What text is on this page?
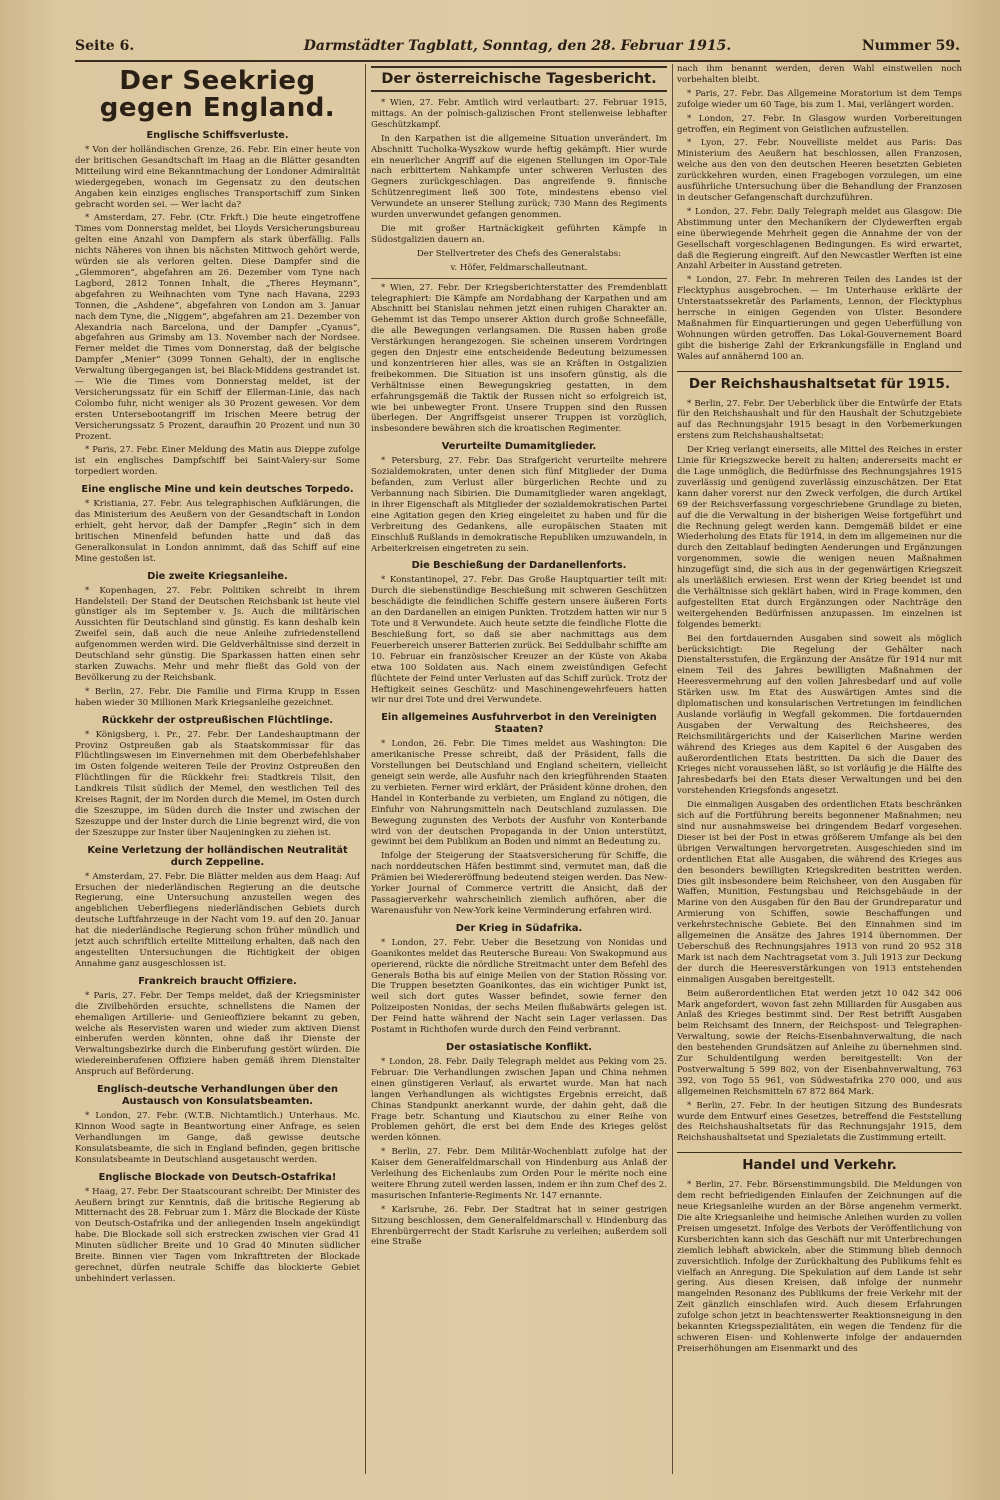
Seite 6.	Darmstädter Tagblatt, Sonntag, den 28. Februar 1915.	Nummer 59.
Der Seekrieg gegen England.
Englische Schiffsverluste.

* Von der holländischen Grenze, 26. Febr. Ein einer heute von der britischen Gesandtschaft im Haag an die Blätter gesandten Mitteilung wird eine Bekanntmachung der Londoner Admiralität wiedergegeben, wonach im Gegensatz zu den deutschen Angaben kein einziges englisches Transportschiff zum Sinken gebracht worden sei. — Wer lacht da?

* Amsterdam, 27. Febr. (Ctr. Frkft.) Die heute eingetroffene Times vom Donnerstag meldet, bei Lloyds Versicherungsbureau gelten eine Anzahl von Dampfern als stark überfällig. Falls nichts Näheres von ihnen bis nächsten Mittwoch gehört werde, würden sie als verloren gelten. Diese Dampfer sind die „Glemmoren“, abgefahren am 26. Dezember vom Tyne nach Lagbord, 2812 Tonnen Inhalt, die „Theres Heymann“, abgefahren zu Weihnachten vom Tyne nach Havana, 2293 Tonnen, die „Ashdene“, abgefahren von London am 3. Januar nach dem Tyne, die „Niggem“, abgefahren am 21. Dezember von Alexandria nach Barcelona, und der Dampfer „Cyanus“, abgefahren aus Grimsby am 13. November nach der Nordsee. Ferner meldet die Times vom Donnerstag, daß der belgische Dampfer „Menier“ (3099 Tonnen Gehalt), der in englische Verwaltung übergegangen ist, bei Black-Middens gestrandet ist. — Wie die Times vom Donnerstag meldet, ist der Versicherungssatz für ein Schiff der Ellerman-Linie, das nach Colombo fuhr, nicht weniger als 30 Prozent gewesen. Vor dem ersten Untersebootangriff im Irischen Meere betrug der Versicherungssatz 5 Prozent, daraufhin 20 Prozent und nun 30 Prozent.

* Paris, 27. Febr. Einer Meldung des Matin aus Dieppe zufolge ist ein englisches Dampfschiff bei Saint-Valery-sur Some torpediert worden.

Eine englische Mine und kein deutsches Torpedo.

* Kristiania, 27. Febr. Aus telegraphischen Aufklärungen, die das Ministerium des Aeußern von der Gesandtschaft in London erhielt, geht hervor, daß der Dampfer „Regin“ sich in dem britischen Minenfeld befunden hatte und daß das Generalkonsulat in London annimmt, daß das Schiff auf eine Mine gestoßen ist.

Die zweite Kriegsanleihe.

* Kopenhagen, 27. Febr. Politiken schreibt in ihrem Handelsteil: Der Stand der Deutschen Reichsbank ist heute viel günstiger als im September v. Js. Auch die militärischen Aussichten für Deutschland sind günstig. Es kann deshalb kein Zweifel sein, daß auch die neue Anleihe zufriedenstellend aufgenommen werden wird. Die Geldverhältnisse sind derzeit in Deutschland sehr günstig. Die Sparkassen hatten einen sehr starken Zuwachs. Mehr und mehr fließt das Gold von der Bevölkerung zu der Reichsbank.

* Berlin, 27. Febr. Die Familie und Firma Krupp in Essen haben wieder 30 Millionen Mark Kriegsanleihe gezeichnet.

Rückkehr der ostpreußischen Flüchtlinge.

* Königsberg, i. Pr., 27. Febr. Der Landeshauptmann der Provinz Ostpreußen gab als Staatskommissar für das Flüchtlingswesen im Einvernehmen mit dem Oberbefehlshaber im Osten folgende weiteren Teile der Provinz Ostpreußen den Flüchtlingen für die Rückkehr frei: Stadtkreis Tilsit, den Landkreis Tilsit südlich der Memel, den westlichen Teil des Kreises Ragnit, der im Norden durch die Memel, im Osten durch die Szeszuppe, im Süden durch die Inster und zwischen der Szeszuppe und der Inster durch die Linie begrenzt wird, die von der Szeszuppe zur Inster über Naujeningken zu ziehen ist.

Keine Verletzung der holländischen Neutralität durch Zeppeline.

* Amsterdam, 27. Febr. Die Blätter melden aus dem Haag: Auf Ersuchen der niederländischen Regierung an die deutsche Regierung, eine Untersuchung anzustellen wegen des angeblichen Ueberfliegens niederländischen Gebiets durch deutsche Luftfahrzeuge in der Nacht vom 19. auf den 20. Januar hat die niederländische Regierung schon früher mündlich und jetzt auch schriftlich erteilte Mitteilung erhalten, daß nach den angestellten Untersuchungen die Richtigkeit der obigen Annahme ganz ausgeschlossen ist.

Frankreich braucht Offiziere.

* Paris, 27. Febr. Der Temps meldet, daß der Kriegsminister die Zivilbehörden ersuchte, schnellstens die Namen der ehemaligen Artillerie- und Genieoffiziere bekannt zu geben, welche als Reservisten waren und wieder zum aktiven Dienst einberufen werden könnten, ohne daß ihr Dienste der Verwaltungsbezirke durch die Einberufung gestört würden. Die wiedereinberufenen Offiziere haben gemäß ihrem Dienstalter Anspruch auf Beförderung.

Englisch-deutsche Verhandlungen über den Austausch von Konsulatsbeamten.

* London, 27. Febr. (W.T.B. Nichtamtlich.) Unterhaus. Mc. Kinnon Wood sagte in Beantwortung einer Anfrage, es seien Verhandlungen im Gange, daß gewisse deutsche Konsulatsbeamte, die sich in England befinden, gegen britische Konsulatsbeamte in Deutschland ausgetauscht werden.

Englische Blockade von Deutsch-Ostafrika!

* Haag, 27. Febr. Der Staatscourant schreibt: Der Minister des Aeußern bringt zur Kenntnis, daß die britische Regierung ab Mitternacht des 28. Februar zum 1. März die Blockade der Küste von Deutsch-Ostafrika und der anliegenden Inseln angekündigt habe. Die Blockade soll sich erstrecken zwischen vier Grad 41 Minuten südlicher Breite und 10 Grad 40 Minuten südlicher Breite. Binnen vier Tagen vom Inkrafttreten der Blockade gerechnet, dürfen neutrale Schiffe das blockierte Gebiet unbehindert verlassen.

Der österreichische Tagesbericht.

* Wien, 27. Febr. Amtlich wird verlautbart: 27. Februar 1915, mittags. An der polnisch-galizischen Front stellenweise lebhafter Geschützkampf.

In den Karpathen ist die allgemeine Situation unverändert. Im Abschnitt Tucholka-Wyszkow wurde heftig gekämpft. Hier wurde ein neuerlicher Angriff auf die eigenen Stellungen im Opor-Tale nach erbittertem Nahkampfe unter schweren Verlusten des Gegners zurückgeschlagen. Das angreifende 9. finnische Schützenregiment ließ 300 Tote, mindestens ebenso viel Verwundete an unserer Stellung zurück; 730 Mann des Regiments wurden unverwundet gefangen genommen.

Die mit großer Hartnäckigkeit geführten Kämpfe in Südostgalizien dauern an.

Der Stellvertreter des Chefs des Generalstabs:

v. Höfer, Feldmarschalleutnant.

* Wien, 27. Febr. Der Kriegsberichterstatter des Fremdenblatt telegraphiert: Die Kämpfe am Nordabhang der Karpathen und am Abschnitt bei Stanislau nehmen jetzt einen ruhigen Charakter an. Gehemmt ist das Tempo unserer Aktion durch große Schneefälle, die alle Bewegungen verlangsamen. Die Russen haben große Verstärkungen herangezogen. Sie scheinen unserem Vordringen gegen den Dnjestr eine entscheidende Bedeutung beizumessen und konzentrieren hier alles, was sie an Kräften in Ostgalizien freibekommen. Die Situation ist uns insofern günstig, als die Verhältnisse einen Bewegungskrieg gestatten, in dem erfahrungsgemäß die Taktik der Russen nicht so erfolgreich ist, wie bei unbewegter Front. Unsere Truppen sind den Russen überlegen. Der Angriffsgeist unserer Truppen ist vorzüglich, insbesondere bewähren sich die kroatischen Regimenter.

Verurteilte Dumamitglieder.

* Petersburg, 27. Febr. Das Strafgericht verurteilte mehrere Sozialdemokraten, unter denen sich fünf Mitglieder der Duma befanden, zum Verlust aller bürgerlichen Rechte und zu Verbannung nach Sibirien. Die Dumamitglieder waren angeklagt, in ihrer Eigenschaft als Mitglieder der sozialdemokratischen Partei eine Agitation gegen den Krieg eingeleitet zu haben und für die Verbreitung des Gedankens, alle europäischen Staaten mit Einschluß Rußlands in demokratische Republiken umzuwandeln, in Arbeiterkreisen eingetreten zu sein.

Die Beschießung der Dardanellenforts.

* Konstantinopel, 27. Febr. Das Große Hauptquartier teilt mit: Durch die siebenstündige Beschießung mit schweren Geschützen beschädigte die feindlichen Schiffe gestern unsere äußeren Forts an den Dardanellen an einigen Punkten. Trotzdem hatten wir nur 5 Tote und 8 Verwundete. Auch heute setzte die feindliche Flotte die Beschießung fort, so daß sie aber nachmittags aus dem Feuerbereich unserer Batterien zurück. Bei Seddulbahr schiffte am 10. Februar ein französischer Kreuzer an der Küste von Akaba etwa 100 Soldaten aus. Nach einem zweistündigen Gefecht flüchtete der Feind unter Verlusten auf das Schiff zurück. Trotz der Heftigkeit seines Geschütz- und Maschinengewehrfeuers hatten wir nur drei Tote und drei Verwundete.

Ein allgemeines Ausfuhrverbot in den Vereinigten Staaten?

* London, 26. Febr. Die Times meldet aus Washington: Die amerikanische Presse schreibt, daß der Präsident, falls die Vorstellungen bei Deutschland und England scheitern, vielleicht geneigt sein werde, alle Ausfuhr nach den kriegführenden Staaten zu verbieten. Ferner wird erklärt, der Präsident könne drohen, den Handel in Konterbande zu verbieten, um England zu nötigen, die Einfuhr von Nahrungsmitteln nach Deutschland zuzulassen. Die Bewegung zugunsten des Verbots der Ausfuhr von Konterbande wird von der deutschen Propaganda in der Union unterstützt, gewinnt bei dem Publikum an Boden und nimmt an Bedeutung zu.

Infolge der Steigerung der Staatsversicherung für Schiffe, die nach norddeutschen Häfen bestimmt sind, vermutet man, daß die Prämien bei Wiedereröffnung bedeutend steigen werden. Das New-Yorker Journal of Commerce vertritt die Ansicht, daß der Passagierverkehr wahrscheinlich ziemlich aufhören, aber die Warenausfuhr von New-York keine Verminderung erfahren wird.

Der Krieg in Südafrika.

* London, 27. Febr. Ueber die Besetzung von Nonidas und Goanikontes meldet das Reutersche Bureau: Von Swakopmund aus operierend, rückte die nördliche Streitmacht unter dem Befehl des Generals Botha bis auf einige Meilen von der Station Rössing vor. Die Truppen besetzten Goanikontes, das ein wichtiger Punkt ist, weil sich dort gutes Wasser befindet, sowie ferner den Polizeiposten Nonidas, der sechs Meilen flußabwärts gelegen ist. Der Feind hatte während der Nacht sein Lager verlassen. Das Postamt in Richthofen wurde durch den Feind verbrannt.

Der ostasiatische Konflikt.

* London, 28. Febr. Daily Telegraph meldet aus Peking vom 25. Februar: Die Verhandlungen zwischen Japan und China nehmen einen günstigeren Verlauf, als erwartet wurde. Man hat nach langen Verhandlungen als wichtigstes Ergebnis erreicht, daß Chinas Standpunkt anerkannt wurde, der dahin geht, daß die Frage betr. Schantung und Kiautschou zu einer Reihe von Problemen gehört, die erst bei dem Ende des Krieges gelöst werden können.

* Berlin, 27. Febr. Dem Militär-Wochenblatt zufolge hat der Kaiser dem Generalfeldmarschall von Hindenburg aus Anlaß der Verleihung des Eichenlaubs zum Orden Pour le mérite noch eine weitere Ehrung zuteil werden lassen, indem er ihn zum Chef des 2. masurischen Infanterie-Regiments Nr. 147 ernannte.

* Karlsruhe, 26. Febr. Der Stadtrat hat in seiner gestrigen Sitzung beschlossen, dem Generalfeldmarschall v. Hindenburg das Ehrenbürgerrecht der Stadt Karlsruhe zu verleihen; außerdem soll eine Straße

nach ihm benannt werden, deren Wahl einstweilen noch vorbehalten bleibt.

* Paris, 27. Febr. Das Allgemeine Moratorium ist dem Temps zufolge wieder um 60 Tage, bis zum 1. Mai, verlängert worden.

* London, 27. Febr. In Glasgow wurden Vorbereitungen getroffen, ein Regiment von Geistlichen aufzustellen.

* Lyon, 27. Febr. Nouvelliste meldet aus Paris: Das Ministerium des Aeußern hat beschlossen, allen Franzosen, welche aus den von den deutschen Heeren besetzten Gebieten zurückkehren wurden, einen Fragebogen vorzulegen, um eine ausführliche Untersuchung über die Behandlung der Franzosen in deutscher Gefangenschaft durchzuführen.

* London, 27. Febr. Daily Telegraph meldet aus Glasgow: Die Abstimmung unter den Mechanikern der Clydewerften ergab eine überwiegende Mehrheit gegen die Annahme der von der Gesellschaft vorgeschlagenen Bedingungen. Es wird erwartet, daß die Regierung eingreift. Auf den Newcastler Werften ist eine Anzahl Arbeiter in Ausstand getreten.

* London, 27. Febr. In mehreren Teilen des Landes ist der Flecktyphus ausgebrochen. — Im Unterhause erklärte der Unterstaatssekretär des Parlaments, Lennon, der Flecktyphus herrsche in einigen Gegenden von Ulster. Besondere Maßnahmen für Einquartierungen und gegen Ueberfüllung von Wohnungen würden getroffen. Das Lokal-Gouvernement Board gibt die bisherige Zahl der Erkrankungsfälle in England und Wales auf annähernd 100 an.

Der Reichshaushaltsetat für 1915.

* Berlin, 27. Febr. Der Ueberblick über die Entwürfe der Etats für den Reichshaushalt und für den Haushalt der Schutzgebiete auf das Rechnungsjahr 1915 besagt in den Vorbemerkungen erstens zum Reichshaushaltsetat:

Der Krieg verlangt einerseits, alle Mittel des Reiches in erster Linie für Kriegszwecke bereit zu halten; andererseits macht er die Lage unmöglich, die Bedürfnisse des Rechnungsjahres 1915 zuverlässig und genügend zuverlässig einzuschätzen. Der Etat kann daher vorerst nur den Zweck verfolgen, die durch Artikel 69 der Reichsverfassung vorgeschriebene Grundlage zu bieten, auf die die Verwaltung in der bisherigen Weise fortgeführt und die Rechnung gelegt werden kann. Demgemäß bildet er eine Wiederholung des Etats für 1914, in dem im allgemeinen nur die durch den Zeitablauf bedingten Aenderungen und Ergänzungen vorgenommen, sowie die wenigen neuen Maßnahmen hinzugefügt sind, die sich aus in der gegenwärtigen Kriegszeit als unerläßlich erwiesen. Erst wenn der Krieg beendet ist und die Verhältnisse sich geklärt haben, wird in Frage kommen, den aufgestellten Etat durch Ergänzungen oder Nachträge den weitergehenden Bedürfnissen anzupassen. Im einzelnen ist folgendes bemerkt:

Bei den fortdauernden Ausgaben sind soweit als möglich berücksichtigt: Die Regelung der Gehälter nach Dienstaltersstufen, die Ergänzung der Ansätze für 1914 nur mit einem Teil des Jahres bewilligten Maßnahmen der Heeresvermehrung auf den vollen Jahresbedarf und auf volle Stärken usw. Im Etat des Auswärtigen Amtes sind die diplomatischen und konsularischen Vertretungen im feindlichen Auslande vorläufig in Wegfall gekommen. Die fortdauernden Ausgaben der Verwaltung des Reichsheeres, des Reichsmilitärgerichts und der Kaiserlichen Marine werden während des Krieges aus dem Kapitel 6 der Ausgaben des außerordentlichen Etats bestritten. Da sich die Dauer des Krieges nicht voraussehen läßt, so ist vorläufig je die Hälfte des Jahresbedarfs bei den Etats dieser Verwaltungen und bei den vorstehenden Kriegsfonds angesetzt.

Die einmaligen Ausgaben des ordentlichen Etats beschränken sich auf die Fortführung bereits begonnener Maßnahmen; neu sind nur ausnahmsweise bei dringendem Bedarf vorgesehen. Dieser ist bei der Post in etwas größerem Umfange als bei den übrigen Verwaltungen hervorgetreten. Ausgeschieden sind im ordentlichen Etat alle Ausgaben, die während des Krieges aus den besonders bewilligten Kriegskrediten bestritten werden. Dies gilt insbesondere beim Reichsheer, von den Ausgaben für Waffen, Munition, Festungsbau und Reichsgebäude in der Marine von den Ausgaben für den Bau der Grundreparatur und Armierung von Schiffen, sowie Beschaffungen und verkehrstechnische Gebiete. Bei den Einnahmen sind im allgemeinen die Ansätze des Jahres 1914 übernommen. Der Ueberschuß des Rechnungsjahres 1913 von rund 20 952 318 Mark ist nach dem Nachtragsetat vom 3. Juli 1913 zur Deckung der durch die Heeresverstärkungen von 1913 entstehenden einmaligen Ausgaben bereitgestellt.

Beim außerordentlichen Etat werden jetzt 10 042 342 006 Mark angefordert, wovon fast zehn Milliarden für Ausgaben aus Anlaß des Krieges bestimmt sind. Der Rest betrifft Ausgaben beim Reichsamt des Innern, der Reichspost- und Telegraphen-Verwaltung, sowie der Reichs-Eisenbahnverwaltung, die nach den bestehenden Grundsätzen auf Anleihe zu übernehmen sind. Zur Schuldentilgung werden bereitgestellt: Von der Postverwaltung 5 599 802, von der Eisenbahnverwaltung, 763 392, von Togo 55 961, von Südwestafrika 270 000, und aus allgemeinen Reichsmitteln 67 872 864 Mark.

* Berlin, 27. Febr. In der heutigen Sitzung des Bundesrats wurde dem Entwurf eines Gesetzes, betreffend die Feststellung des Reichshaushaltsetats für das Rechnungsjahr 1915, dem Reichshaushaltsetat und Spezialetats die Zustimmung erteilt.

Handel und Verkehr.

* Berlin, 27. Febr. Börsenstimmungsbild. Die Meldungen von dem recht befriedigenden Einlaufen der Zeichnungen auf die neue Kriegsanleihe wurden an der Börse angenehm vermerkt. Die alte Kriegsanleihe und heimische Anleihen wurden zu vollen Preisen umgesetzt. Infolge des Verbots der Veröffentlichung von Kursberichten kann sich das Geschäft nur mit Unterbrechungen ziemlich lebhaft abwickeln, aber die Stimmung blieb dennoch zuversichtlich. Infolge der Zurückhaltung des Publikums fehlt es vielfach an Anregung. Die Spekulation auf dem Lande ist sehr gering. Aus diesen Kreisen, daß infolge der nunmehr mangelnden Resonanz des Publikums der freie Verkehr mit der Zeit gänzlich einschlafen wird. Auch diesem Erfahrungen zufolge schon jetzt in beachtenswerter Reaktionsneigung in den bekannten Kriegsspezialitäten, ein wegen die Tendenz für die schweren Eisen- und Kohlenwerte infolge der andauernden Preiserhöhungen am Eisenmarkt und des
